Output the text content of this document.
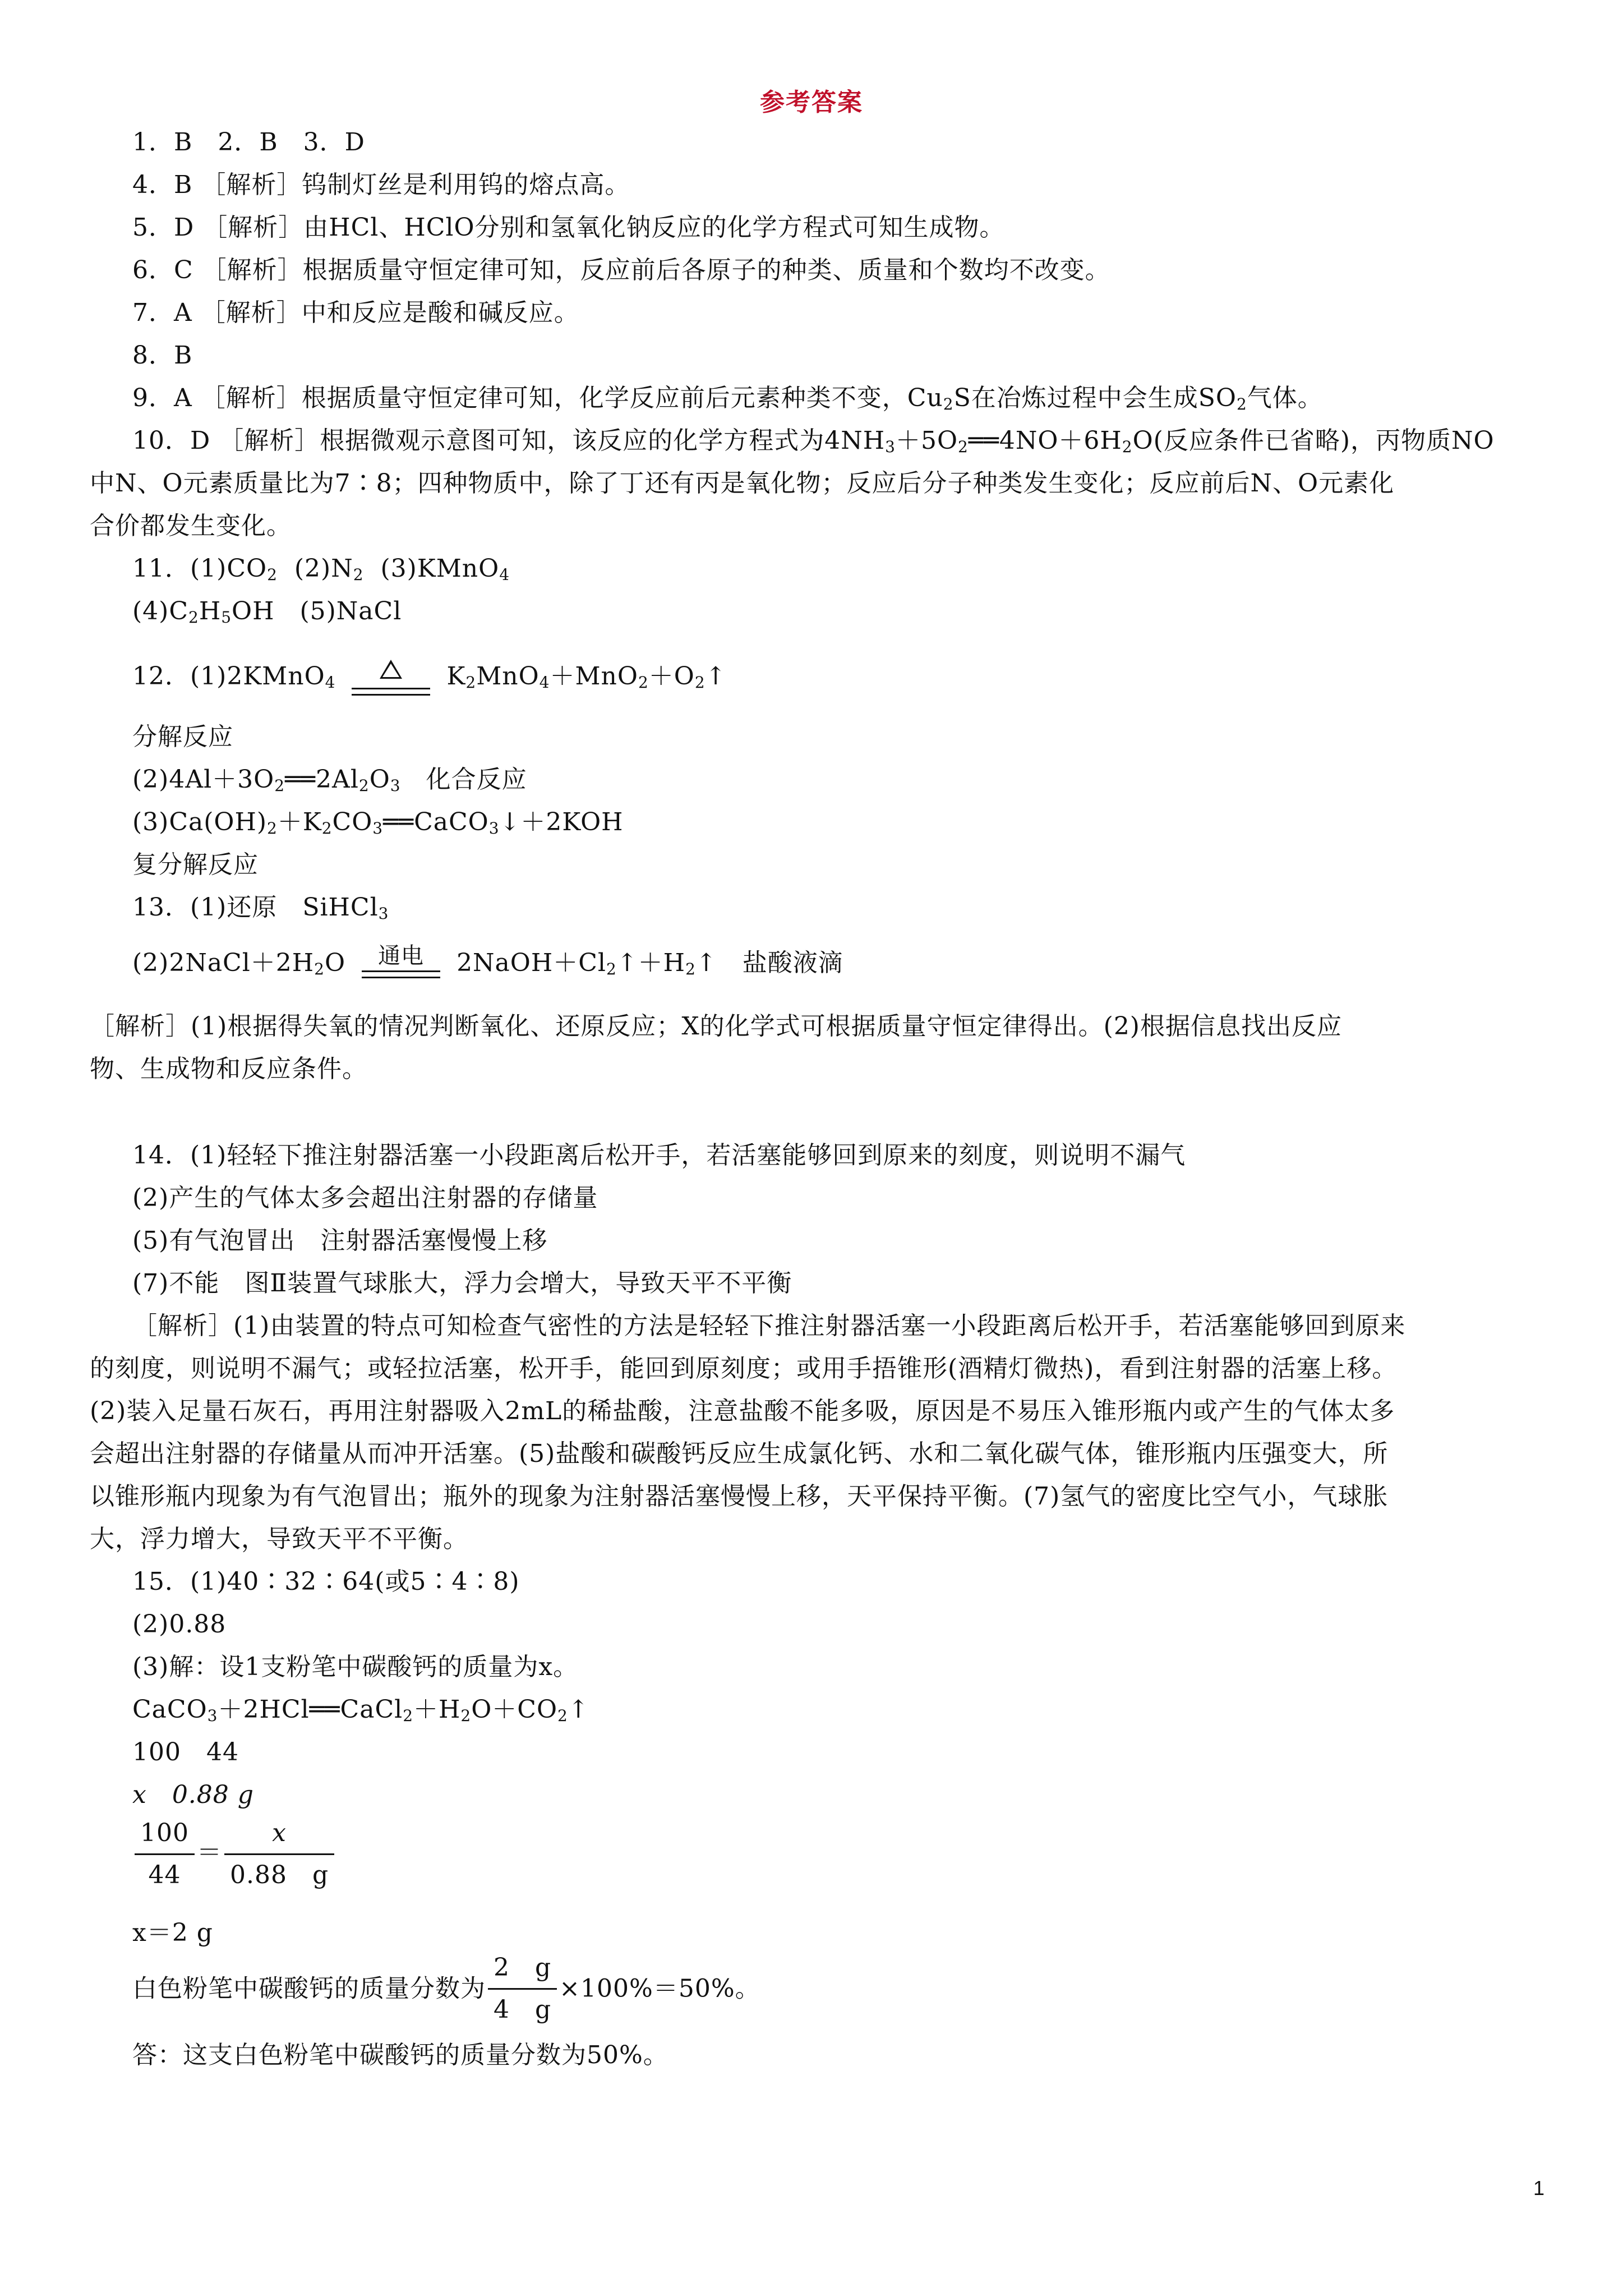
参考答案
1．B　2．B　3．D
4．B ［解析］钨制灯丝是利用钨的熔点高。
5．D ［解析］由HCl、HClO分别和氢氧化钠反应的化学方程式可知生成物。
6．C ［解析］根据质量守恒定律可知，反应前后各原子的种类、质量和个数均不改变。
7．A ［解析］中和反应是酸和碱反应。
8．B
9．A ［解析］根据质量守恒定律可知，化学反应前后元素种类不变，$Cu_2S$在冶炼过程中会生成$SO_2$气体。
10．D ［解析］根据微观示意图可知，该反应的化学方程式为$4NH_3+5O_2══4NO+6H_2O$(反应条件已省略)，丙物质NO
中N、O元素质量比为7∶8；四种物质中，除了丁还有丙是氧化物；反应后分子种类发生变化；反应前后N、O元素化
合价都发生变化。
11．$(1)CO_2$ $(2)N_2$ (3)KMnO$_4$
$(4)C_2H_5OH$　(5)NaCl
12．(1)2KMnO$_4$	$K_2MnO_4+MnO_2+O_2↑$
分解反应
$(2)4Al+3O_2══2Al_2O_3$ 化合反应
$(3)Ca(OH)_2+K_2CO_3══CaCO_3↓+2KOH$
复分解反应
13．(1)还原　SiHCl$_3$
$(2)2NaCl+2H_2O$	通电	$2NaOH+Cl_2↑+H_2↑$　盐酸液滴
［解析］(1)根据得失氧的情况判断氧化、还原反应；X的化学式可根据质量守恒定律得出。(2)根据信息找出反应
物、生成物和反应条件。
14．(1)轻轻下推注射器活塞一小段距离后松开手，若活塞能够回到原来的刻度，则说明不漏气
(2)产生的气体太多会超出注射器的存储量
(5)有气泡冒出　注射器活塞慢慢上移
(7)不能　图Ⅱ装置气球胀大，浮力会增大，导致天平不平衡
［解析］(1)由装置的特点可知检查气密性的方法是轻轻下推注射器活塞一小段距离后松开手，若活塞能够回到原来
的刻度，则说明不漏气；或轻拉活塞，松开手，能回到原刻度；或用手捂锥形(酒精灯微热)，看到注射器的活塞上移。
(2)装入足量石灰石，再用注射器吸入2mL的稀盐酸，注意盐酸不能多吸，原因是不易压入锥形瓶内或产生的气体太多
会超出注射器的存储量从而冲开活塞。(5)盐酸和碳酸钙反应生成氯化钙、水和二氧化碳气体，锥形瓶内压强变大，所
以锥形瓶内现象为有气泡冒出；瓶外的现象为注射器活塞慢慢上移，天平保持平衡。(7)氢气的密度比空气小，气球胀
大，浮力增大，导致天平不平衡。
15．(1)40∶32∶64(或5∶4∶8)
(2)0.88
(3)解：设1支粉笔中碳酸钙的质量为x。
$CaCO_3+2HCl══CaCl_2+H_2O+CO_2↑$
100　44
x　0.88 g
$\frac{100}{44} = \frac{x}{0.88 g}$
x＝2 g
白色粉笔中碳酸钙的质量分数为 $\frac{2 g}{4 g} \times 100\%=50\%$。
答：这支白色粉笔中碳酸钙的质量分数为50%。
1
